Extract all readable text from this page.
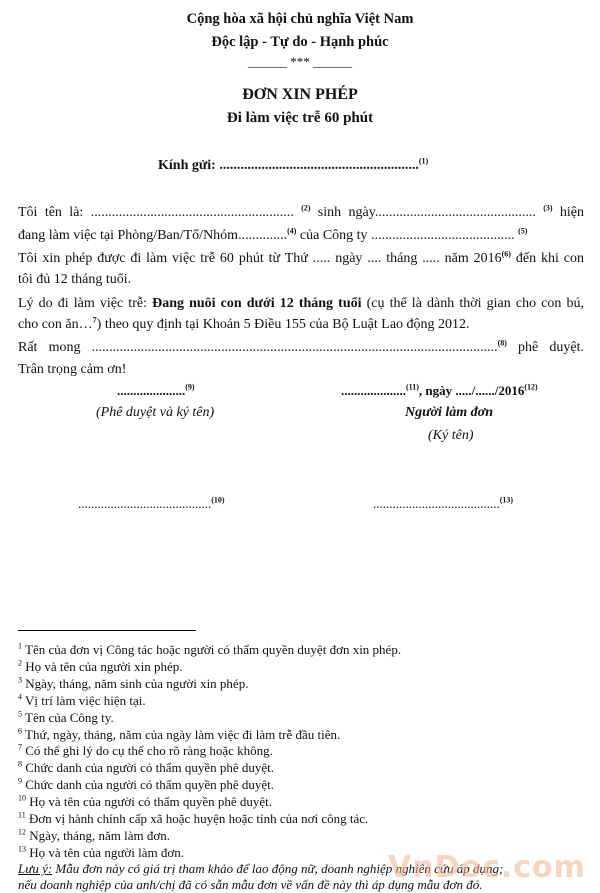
Cộng hòa xã hội chủ nghĩa Việt Nam
Độc lập - Tự do - Hạnh phúc
______ *** ______
ĐƠN XIN PHÉP
Đi làm việc trễ 60 phút
Kính gửi: .........................................................$^{(1)}$
Tôi tên là: .......................................................... $^{(2)}$ sinh ngày.............................................. $^{(3)}$ hiện
đang làm việc tại Phòng/Ban/Tổ/Nhóm..............$^{(4)}$ của Công ty ......................................... $^{(5)}$
Tôi xin phép được đi làm việc trễ 60 phút từ Thứ ..... ngày .... tháng ..... năm 2016$^{(6)}$ đến khi con
tôi đủ 12 tháng tuổi.
Lý do đi làm việc trễ: Đang nuôi con dưới 12 tháng tuổi (cụ thể là dành thời gian cho con bú,
cho con ăn…$^7$) theo quy định tại Khoản 5 Điều 155 của Bộ Luật Lao động 2012.
Rất mong ....................................................................................................................$^{(8)}$ phê duyệt.
Trân trọng cảm ơn!
.....................$^{(9)}$
(Phê duyệt và ký tên)
....................$^{(11)}$, ngày ...../....../2016$^{(12)}$
Người làm đơn
(Ký tên)
.........................................$^{(10)}$	.......................................$^{(13)}$
$^1$ Tên của đơn vị Công tác hoặc người có thẩm quyền duyệt đơn xin phép.
$^2$ Họ và tên của người xin phép.
$^3$ Ngày, tháng, năm sinh của người xin phép.
$^4$ Vị trí làm việc hiện tại.
$^5$ Tên của Công ty.
$^6$ Thứ, ngày, tháng, năm của ngày làm việc đi làm trễ đầu tiên.
$^7$ Có thể ghi lý do cụ thể cho rõ ràng hoặc không.
$^8$ Chức danh của người có thẩm quyền phê duyệt.
$^9$ Chức danh của người có thẩm quyền phê duyệt.
$^{10}$ Họ và tên của người có thẩm quyền phê duyệt.
$^{11}$ Đơn vị hành chính cấp xã hoặc huyện hoặc tỉnh của nơi công tác.
$^{12}$ Ngày, tháng, năm làm đơn.
$^{13}$ Họ và tên của người làm đơn.
Lưu ý: Mẫu đơn này có giá trị tham khảo để lao động nữ, doanh nghiệp nghiên cứu áp dụng;
nếu doanh nghiệp của anh/chị đã có sẵn mẫu đơn về vấn đề này thì áp dụng mẫu đơn đó.
VnDoc.com
